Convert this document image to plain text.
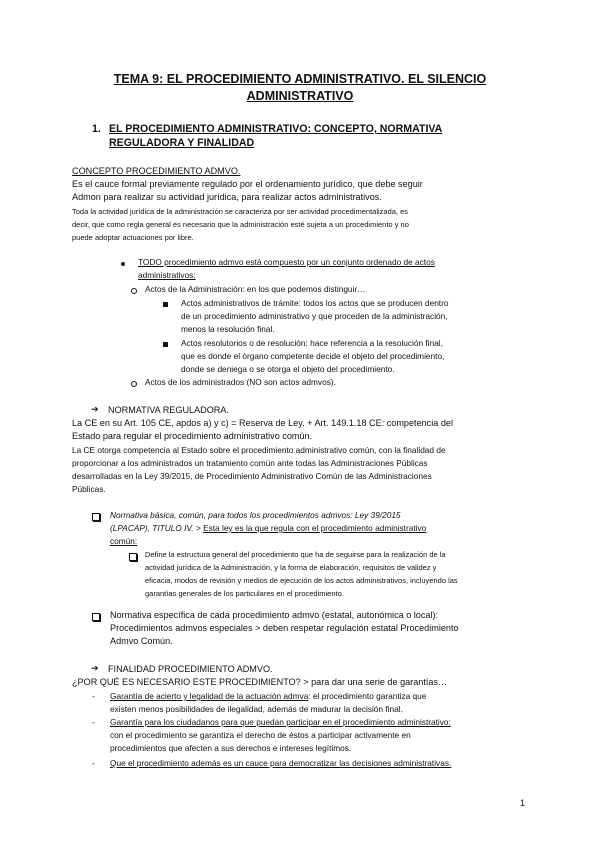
TEMA 9: EL PROCEDIMIENTO ADMINISTRATIVO. EL SILENCIO
ADMINISTRATIVO
1. EL PROCEDIMIENTO ADMINISTRATIVO: CONCEPTO, NORMATIVA
REGULADORA Y FINALIDAD
CONCEPTO PROCEDIMIENTO ADMVO.
Es el cauce formal previamente regulado por el ordenamiento jurídico, que debe seguir
Admon para realizar su actividad jurídica, para realizar actos administrativos.
Toda la actividad jurídica de la administración se caracteriza por ser actividad procedimentalizada, es
decir, que como regla general es necesario que la administración esté sujeta a un procedimiento y no
puede adoptar actuaciones por libre.
TODO procedimiento admvo está compuesto por un conjunto ordenado de actos
administrativos:
Actos de la Administración: en los que podemos distinguir…
Actos administrativos de trámite: todos los actos que se producen dentro
de un procedimiento administrativo y que proceden de la administración,
menos la resolución final.
Actos resolutorios o de resolución: hace referencia a la resolución final,
que es donde el órgano competente decide el objeto del procedimiento,
donde se deniega o se otorga el objeto del procedimiento.
Actos de los administrados (NO son actos admvos).
➔ NORMATIVA REGULADORA.
La CE en su Art. 105 CE, apdos a) y c) = Reserva de Ley. + Art. 149.1.18 CE: competencia del
Estado para regular el procedimiento administrativo común.
La CE otorga competencia al Estado sobre el procedimiento administrativo común, con la finalidad de
proporcionar a los administrados un tratamiento común ante todas las Administraciones Públicas
desarrolladas en la Ley 39/2015, de Procedimiento Administrativo Común de las Administraciones
Públicas.
Normativa básica, común, para todos los procedimientos admvos: Ley 39/2015
(LPACAP), TITULO IV. > Esta ley es la que regula con el procedimiento administrativo
común:
Define la estructura general del procedimiento que ha de seguirse para la realización de la
actividad jurídica de la Administración, y la forma de elaboración, requisitos de validez y
eficacia, modos de revisión y medios de ejecución de los actos administrativos, incluyendo las
garantías generales de los particulares en el procedimiento.
Normativa específica de cada procedimiento admvo (estatal, autonómica o local):
Procedimientos admvos especiales > deben respetar regulación estatal Procedimiento
Admvo Común.
➔ FINALIDAD PROCEDIMIENTO ADMVO.
¿POR QUÉ ES NECESARIO ESTE PROCEDIMIENTO? > para dar una serie de garantías…
- Garantía de acierto y legalidad de la actuación admva: el procedimiento garantiza que
existen menos posibilidades de ilegalidad, además de madurar la decisión final.
- Garantía para los ciudadanos para que puedan participar en el procedimiento administrativo:
con el procedimiento se garantiza el derecho de éstos a participar activamente en
procedimientos que afecten a sus derechos e intereses legítimos.
- Que el procedimiento además es un cauce para democratizar las decisiones administrativas.
1
